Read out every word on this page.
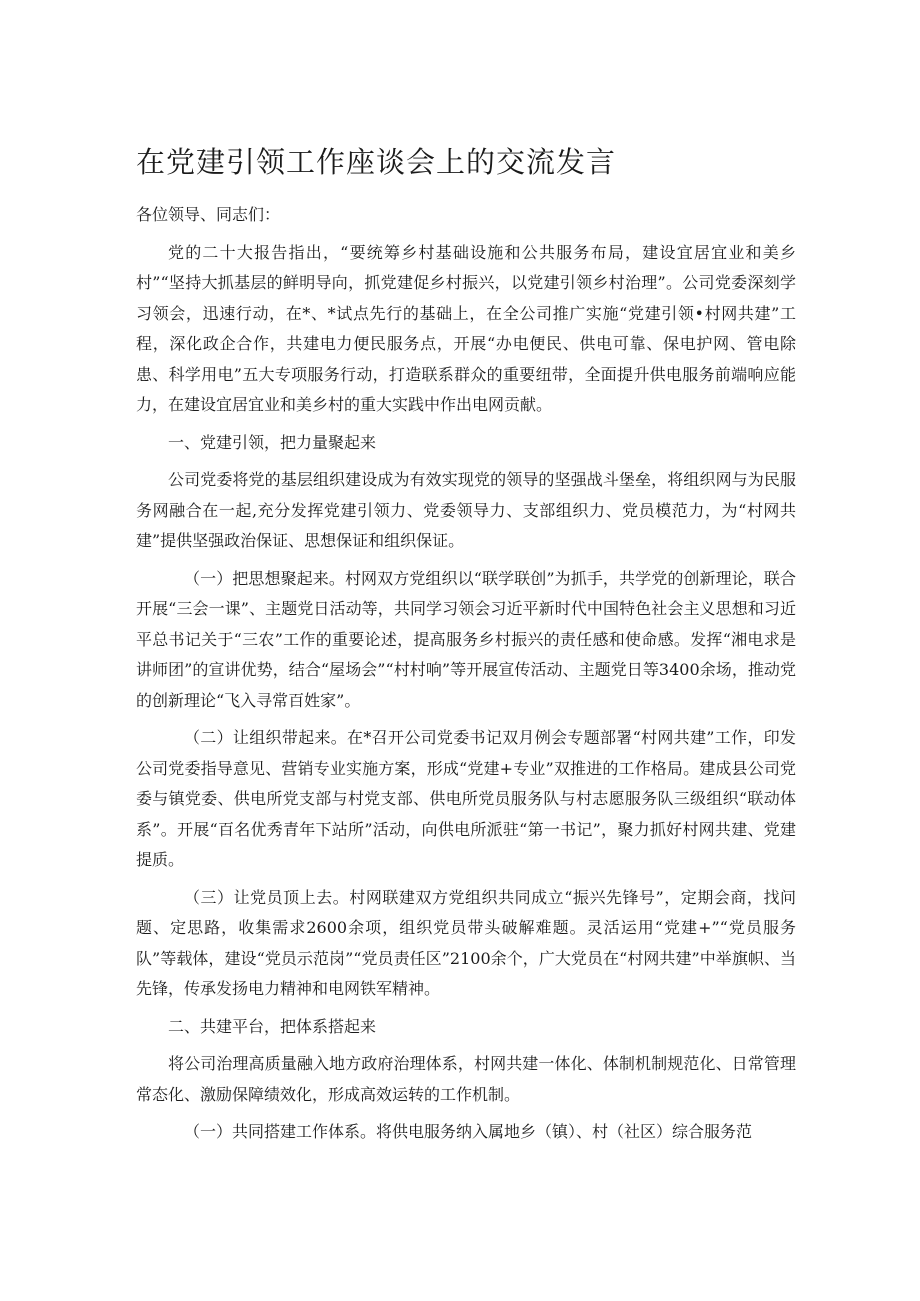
在党建引领工作座谈会上的交流发言

各位领导、同志们：

党的二十大报告指出，“要统筹乡村基础设施和公共服务布局，建设宜居宜业和美乡村”“坚持大抓基层的鲜明导向，抓党建促乡村振兴，以党建引领乡村治理”。公司党委深刻学习领会，迅速行动，在*、*试点先行的基础上，在全公司推广实施“党建引领•村网共建”工程，深化政企合作，共建电力便民服务点，开展“办电便民、供电可靠、保电护网、管电除患、科学用电”五大专项服务行动，打造联系群众的重要纽带，全面提升供电服务前端响应能力，在建设宜居宜业和美乡村的重大实践中作出电网贡献。

一、党建引领，把力量聚起来

公司党委将党的基层组织建设成为有效实现党的领导的坚强战斗堡垒，将组织网与为民服务网融合在一起,充分发挥党建引领力、党委领导力、支部组织力、党员模范力，为“村网共建”提供坚强政治保证、思想保证和组织保证。

（一）把思想聚起来。村网双方党组织以“联学联创”为抓手，共学党的创新理论，联合开展“三会一课”、主题党日活动等，共同学习领会习近平新时代中国特色社会主义思想和习近平总书记关于“三农”工作的重要论述，提高服务乡村振兴的责任感和使命感。发挥“湘电求是讲师团”的宣讲优势，结合“屋场会”“村村响”等开展宣传活动、主题党日等3400余场，推动党的创新理论“飞入寻常百姓家”。

（二）让组织带起来。在*召开公司党委书记双月例会专题部署“村网共建”工作，印发公司党委指导意见、营销专业实施方案，形成“党建+专业”双推进的工作格局。建成县公司党委与镇党委、供电所党支部与村党支部、供电所党员服务队与村志愿服务队三级组织“联动体系”。开展“百名优秀青年下站所”活动，向供电所派驻“第一书记”，聚力抓好村网共建、党建提质。

（三）让党员顶上去。村网联建双方党组织共同成立“振兴先锋号”，定期会商，找问题、定思路，收集需求2600余项，组织党员带头破解难题。灵活运用“党建+”“党员服务队”等载体，建设“党员示范岗”“党员责任区”2100余个，广大党员在“村网共建”中举旗帜、当先锋，传承发扬电力精神和电网铁军精神。

二、共建平台，把体系搭起来

将公司治理高质量融入地方政府治理体系，村网共建一体化、体制机制规范化、日常管理常态化、激励保障绩效化，形成高效运转的工作机制。

（一）共同搭建工作体系。将供电服务纳入属地乡（镇）、村（社区）综合服务范
